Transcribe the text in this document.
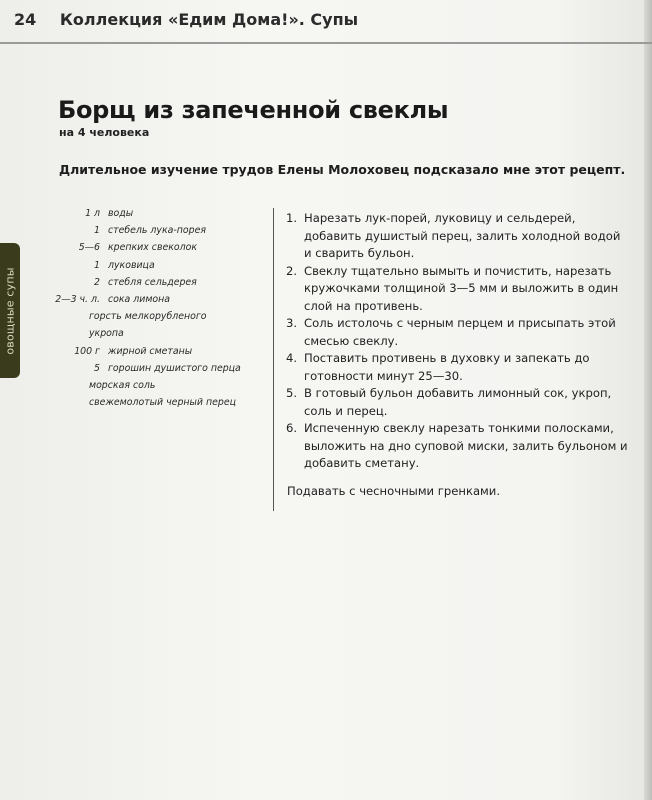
24 Коллекция «Едим Дома!». Супы
овощные супы
Борщ из запеченной свеклы
на 4 человека
Длительное изучение трудов Елены Молоховец подсказало мне этот рецепт.
1 л воды
1 стебель лука-порея
5—6 крепких свеколок
1 луковица
2 стебля сельдерея
2—3 ч. л. сока лимона
горсть мелкорубленого
укропа
100 г жирной сметаны
5 горошин душистого перца
морская соль
свежемолотый черный перец
1. Нарезать лук-порей, луковицу и сельдерей, добавить душистый перец, залить холодной водой и сварить бульон.
2. Свеклу тщательно вымыть и почистить, нарезать кружочками толщиной 3—5 мм и выложить в один слой на противень.
3. Соль истолочь с черным перцем и присыпать этой смесью свеклу.
4. Поставить противень в духовку и запекать до готовности минут 25—30.
5. В готовый бульон добавить лимонный сок, укроп, соль и перец.
6. Испеченную свеклу нарезать тонкими полосками, выложить на дно суповой миски, залить бульоном и добавить сметану.
Подавать с чесночными гренками.
